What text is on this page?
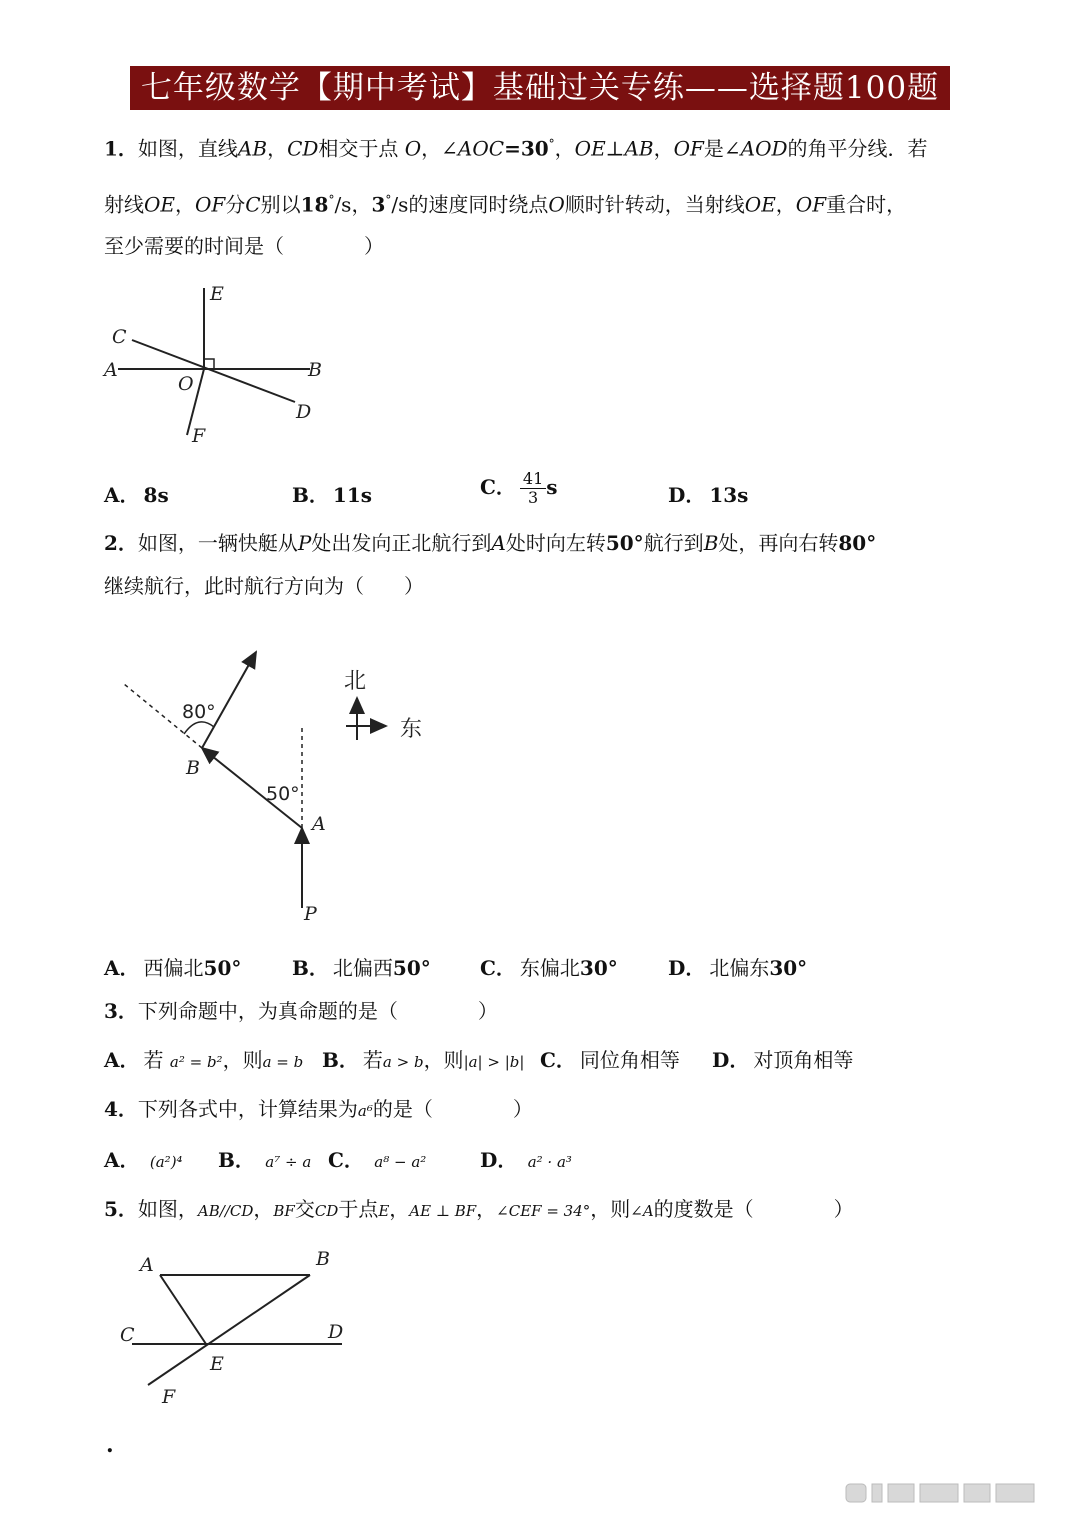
七年级数学【期中考试】基础过关专练——选择题100题
1．如图，直线AB，CD相交于点 O，∠AOC=30°，OE⊥AB，OF是∠AOD的角平分线．若
射线OE，OF分C别以18°/s，3°/s的速度同时绕点O顺时针转动，当射线OE，OF重合时，
至少需要的时间是（　　　　）
E
C
A	B
O
D
F
A． 8s	B． 11s	C． $\frac{41}{3}$ s	D． 13s
2．如图，一辆快艇从P处出发向正北航行到A处时向左转50°航行到B处，再向右转80°
继续航行，此时航行方向为（　　）
80°
50°
B
A
P
北
东
A． 西偏北50°	B． 北偏西50° C． 东偏北30°	D． 北偏东30°
3．下列命题中，为真命题的是（　　　　）
A． 若 a² = b²，则a = b B． 若a > b，则|a| > |b| C． 同位角相等 D． 对顶角相等
4．下列各式中，计算结果为a⁶的是（　　　　）
A． (a²)⁴ B． a⁷ ÷ a C． a⁸ − a²	D． a² · a³
5．如图，AB//CD，BF交CD于点E，AE ⊥ BF，∠CEF = 34°，则∠A的度数是（　　　　）
A	B
C	D
E
F
.
